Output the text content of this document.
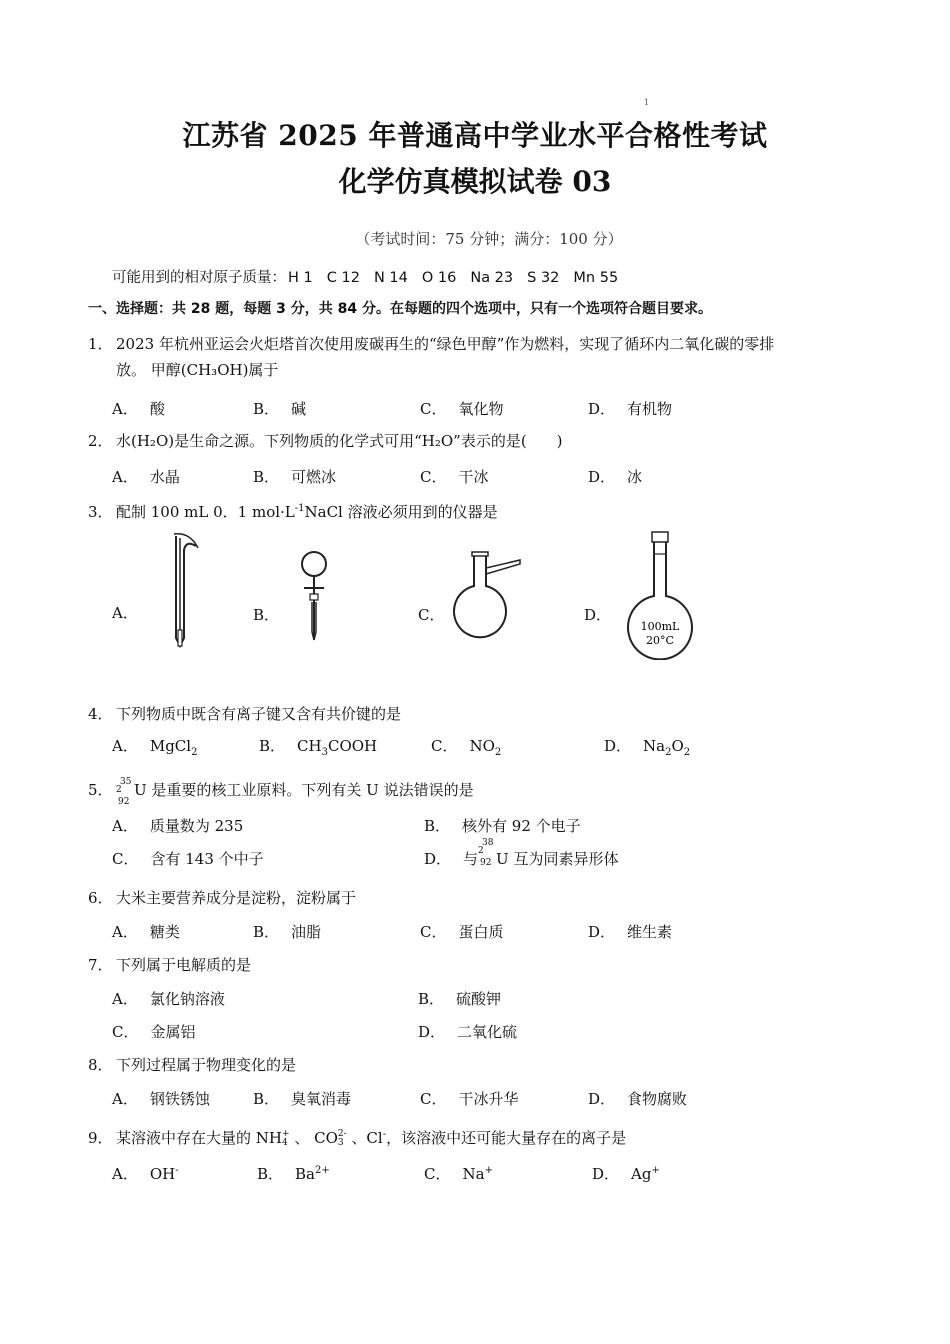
1
江苏省 2025 年普通高中学业水平合格性考试
化学仿真模拟试卷 03
（考试时间：75 分钟；满分：100 分）
可能用到的相对原子质量： H 1 C 12 N 14 O 16 Na 23 S 32 Mn 55
一、选择题：共 28 题，每题 3 分，共 84 分。在每题的四个选项中，只有一个选项符合题目要求。
1． 2023 年杭州亚运会火炬塔首次使用废碳再生的“绿色甲醇”作为燃料，实现了循环内二氧化碳的零排
放。 甲醇(CH₃OH)属于
A． 酸	B． 碱	C． 氧化物	D． 有机物
2． 水(H₂O)是生命之源。下列物质的化学式可用“H₂O”表示的是(　　)
A． 水晶	B． 可燃冰	C． 干冰	D． 冰
3． 配制 100 mL 0．1 $mol\cdot L^{-1}NaCl$ 溶液必须用到的仪器是
A．	B．	C．	D．
100mL
20°C
4． 下列物质中既含有离子键又含有共价键的是
A． MgCl$_2$	B． $CH_3COOH$	C． $NO_2$	D． $Na_2O_2$
5． 35
2
92
U 是重要的核工业原料。下列有关 U 说法错误的是
A． 质量数为 235	B． 核外有 92 个电子
C． 含有 143 个中子	D． 与
38
2
92 U 互为同素异形体
6． 大米主要营养成分是淀粉，淀粉属于
A． 糖类	B． 油脂	C． 蛋白质	D． 维生素
7． 下列属于电解质的是
A． 氯化钠溶液	B． 硫酸钾
C． 金属铝	D． 二氧化硫
8． 下列过程属于物理变化的是
A． 钢铁锈蚀	B． 臭氧消毒	C． 干冰升华	D． 食物腐败
9． 某溶液中存在大量的 NH+
4 、 CO2-
3 、Cl-，该溶液中还可能大量存在的离子是
A． OH-	B． $Ba^{2+}$	C． Na+	D． Ag+
